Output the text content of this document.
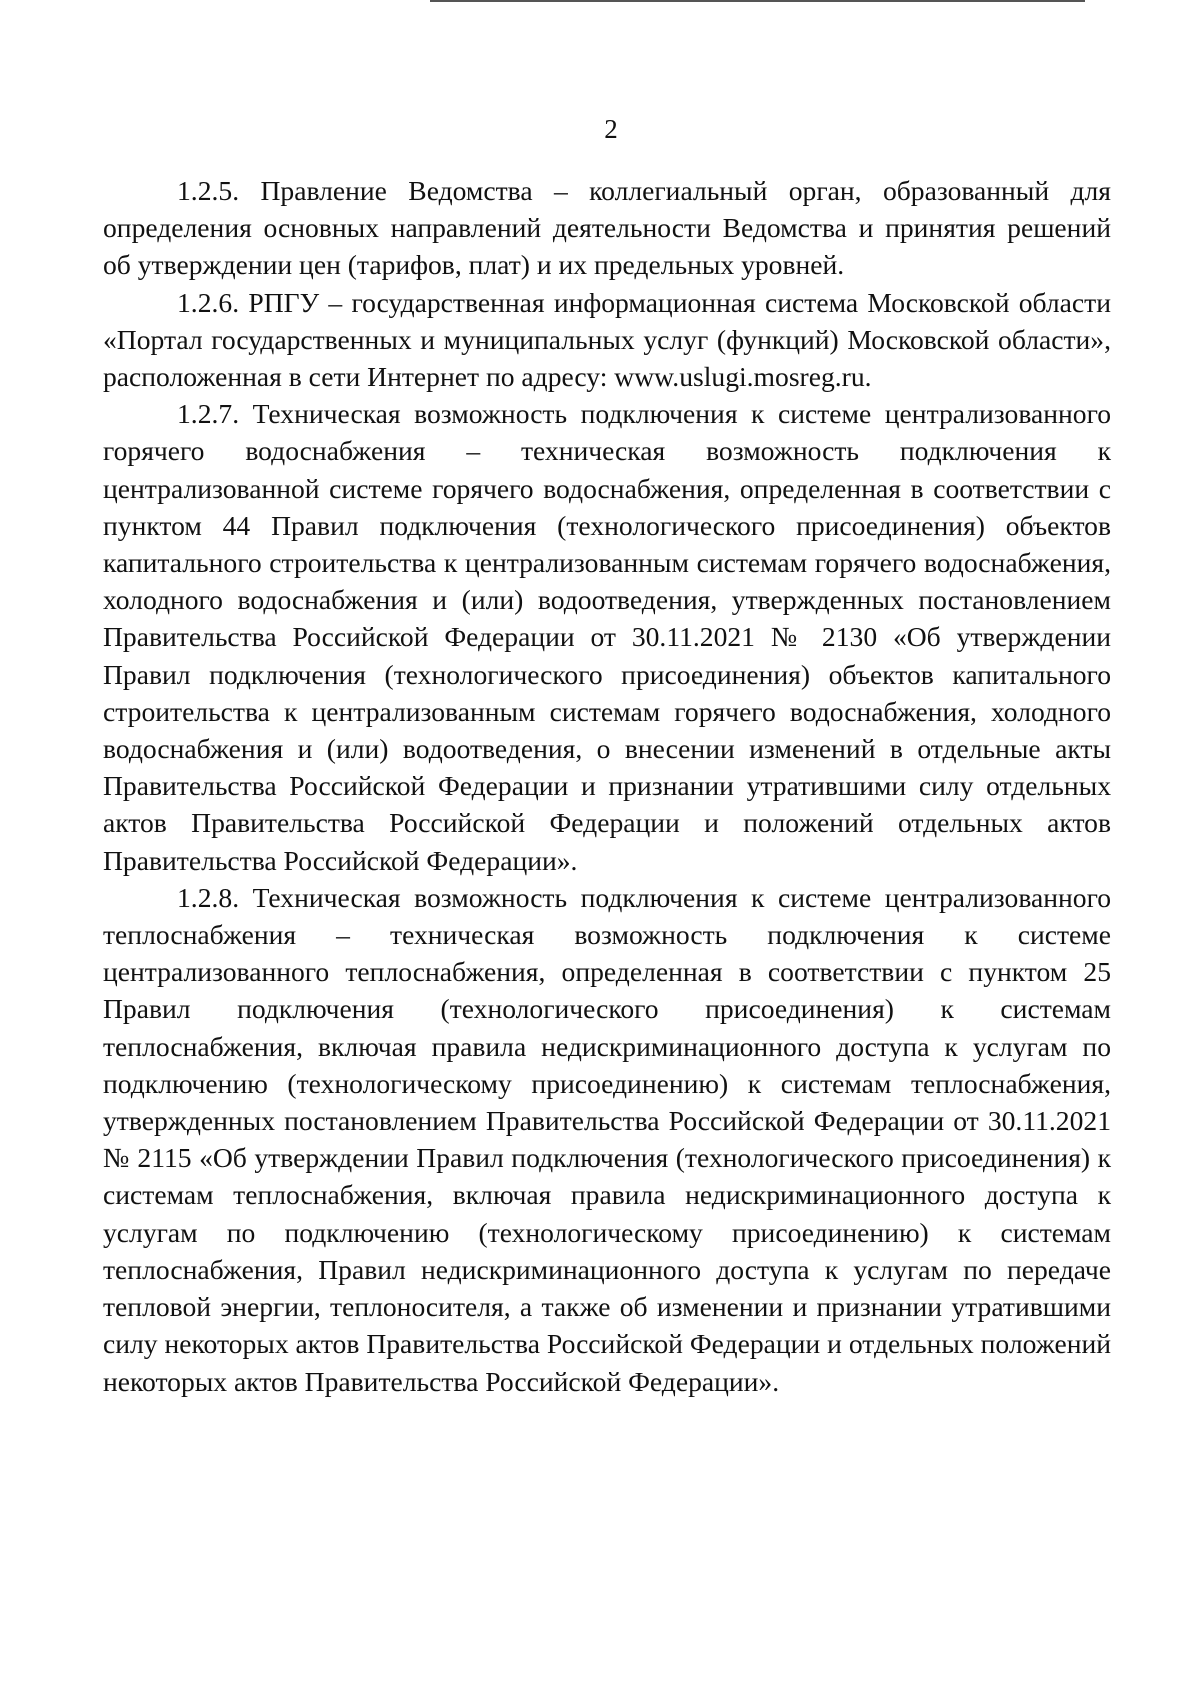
2

1.2.5. Правление Ведомства – коллегиальный орган, образованный для определения основных направлений деятельности Ведомства и принятия решений об утверждении цен (тарифов, плат) и их предельных уровней.

1.2.6. РПГУ – государственная информационная система Московской области «Портал государственных и муниципальных услуг (функций) Московской области», расположенная в сети Интернет по адресу: www.uslugi.mosreg.ru.

1.2.7. Техническая возможность подключения к системе централизованного горячего водоснабжения – техническая возможность подключения к централизованной системе горячего водоснабжения, определенная в соответствии с пунктом 44 Правил подключения (технологического присоединения) объектов капитального строительства к централизованным системам горячего водоснабжения, холодного водоснабжения и (или) водоотведения, утвержденных постановлением Правительства Российской Федерации от 30.11.2021 № 2130 «Об утверждении Правил подключения (технологического присоединения) объектов капитального строительства к централизованным системам горячего водоснабжения, холодного водоснабжения и (или) водоотведения, о внесении изменений в отдельные акты Правительства Российской Федерации и признании утратившими силу отдельных актов Правительства Российской Федерации и положений отдельных актов Правительства Российской Федерации».

1.2.8. Техническая возможность подключения к системе централизованного теплоснабжения – техническая возможность подключения к системе централизованного теплоснабжения, определенная в соответствии с пунктом 25 Правил подключения (технологического присоединения) к системам теплоснабжения, включая правила недискриминационного доступа к услугам по подключению (технологическому присоединению) к системам теплоснабжения, утвержденных постановлением Правительства Российской Федерации от 30.11.2021 № 2115 «Об утверждении Правил подключения (технологического присоединения) к системам теплоснабжения, включая правила недискриминационного доступа к услугам по подключению (технологическому присоединению) к системам теплоснабжения, Правил недискриминационного доступа к услугам по передаче тепловой энергии, теплоносителя, а также об изменении и признании утратившими силу некоторых актов Правительства Российской Федерации и отдельных положений некоторых актов Правительства Российской Федерации».
